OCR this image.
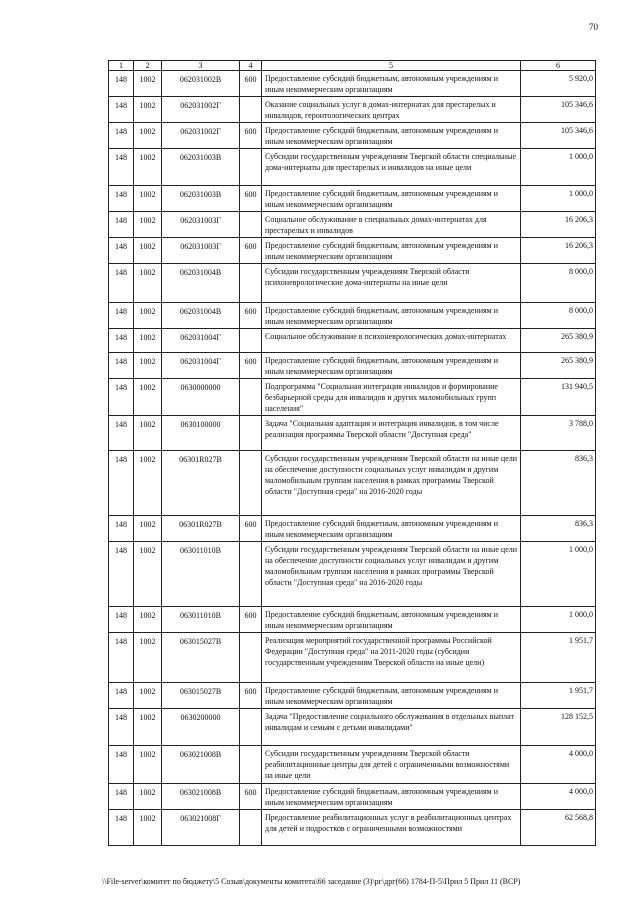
70
1	2	3	4	5	6
148	1002	062031002В	600	Предоставление субсидий бюджетным, автономным учреждениям и иным некоммерческим организациям	5 920,0
148	1002	062031002Г		Оказание социальных услуг в домах-интернатах для престарелых и инвалидов, геронтологических центрах	105 346,6
148	1002	062031002Г	600	Предоставление субсидий бюджетным, автономным учреждениям и иным некоммерческим организациям	105 346,6
148	1002	062031003В		Субсидии государственным учреждениям Тверской области специальные дома-интернаты для престарелых и инвалидов на иные цели	1 000,0
148	1002	062031003В	600	Предоставление субсидий бюджетным, автономным учреждениям и иным некоммерческим организациям	1 000,0
148	1002	062031003Г		Социальное обслуживание в специальных домах-интернатах для престарелых и инвалидов	16 206,3
148	1002	062031003Г	600	Предоставление субсидий бюджетным, автономным учреждениям и иным некоммерческим организациям	16 206,3
148	1002	062031004В		Субсидии государственным учреждениям Тверской области психоневрологические дома-интернаты на иные цели	8 000,0
148	1002	062031004В	600	Предоставление субсидий бюджетным, автономным учреждениям и иным некоммерческим организациям	8 000,0
148	1002	062031004Г		Социальное обслуживание в психоневрологических домах-интернатах	265 380,9
148	1002	062031004Г	600	Предоставление субсидий бюджетным, автономным учреждениям и иным некоммерческим организациям	265 380,9
148	1002	0630000000		Подпрограмма "Социальная интеграция инвалидов и формирование безбарьерной среды для инвалидов и других маломобильных групп населения"	131 940,5
148	1002	0630100000		Задача "Социальная адаптация и интеграция инвалидов, в том числе реализация программы Тверской области "Доступная среда"	3 788,0
148	1002	06301R027В		Субсидии государственным учреждениям Тверской области на иные цели на обеспечение доступности социальных услуг инвалидам и другим маломобильным группам населения в рамках программы Тверской области "Доступная среда" на 2016-2020 годы	836,3
148	1002	06301R027В	600	Предоставление субсидий бюджетным, автономным учреждениям и иным некоммерческим организациям	836,3
148	1002	063011010В		Субсидии государственным учреждениям Тверской области на иные цели на обеспечение доступности социальных услуг инвалидам и другим маломобильным группам населения в рамках программы Тверской области "Доступная среда" на 2016-2020 годы	1 000,0
148	1002	063011010В	600	Предоставление субсидий бюджетным, автономным учреждениям и иным некоммерческим организациям	1 000,0
148	1002	063015027В		Реализация мероприятий государственной программы Российской Федерации "Доступная среда" на 2011-2020 годы (субсидии государственным учреждениям Тверской области на иные цели)	1 951,7
148	1002	063015027В	600	Предоставление субсидий бюджетным, автономным учреждениям и иным некоммерческим организациям	1 951,7
148	1002	0630200000		Задача "Предоставление социального обслуживания в отдельных выплат инвалидам и семьям с детьми инвалидами"	128 152,5
148	1002	063021008В		Субсидии государственным учреждениям Тверской области реабилитационные центры для детей с ограниченными возможностями на иные цели	4 000,0
148	1002	063021008В	600	Предоставление субсидий бюджетным, автономным учреждениям и иным некоммерческим организациям	4 000,0
148	1002	063021008Г		Предоставление реабилитационных услуг в реабилитационных центрах для детей и подростков с ограниченными возможностями	62 568,8
\\File-server\комитет по бюджету\5 Созыв\документы комитета\66 заседание (3)\рг\дрг(66) 1784-П-5\Прил 5 Прил 11 (ВСР)
